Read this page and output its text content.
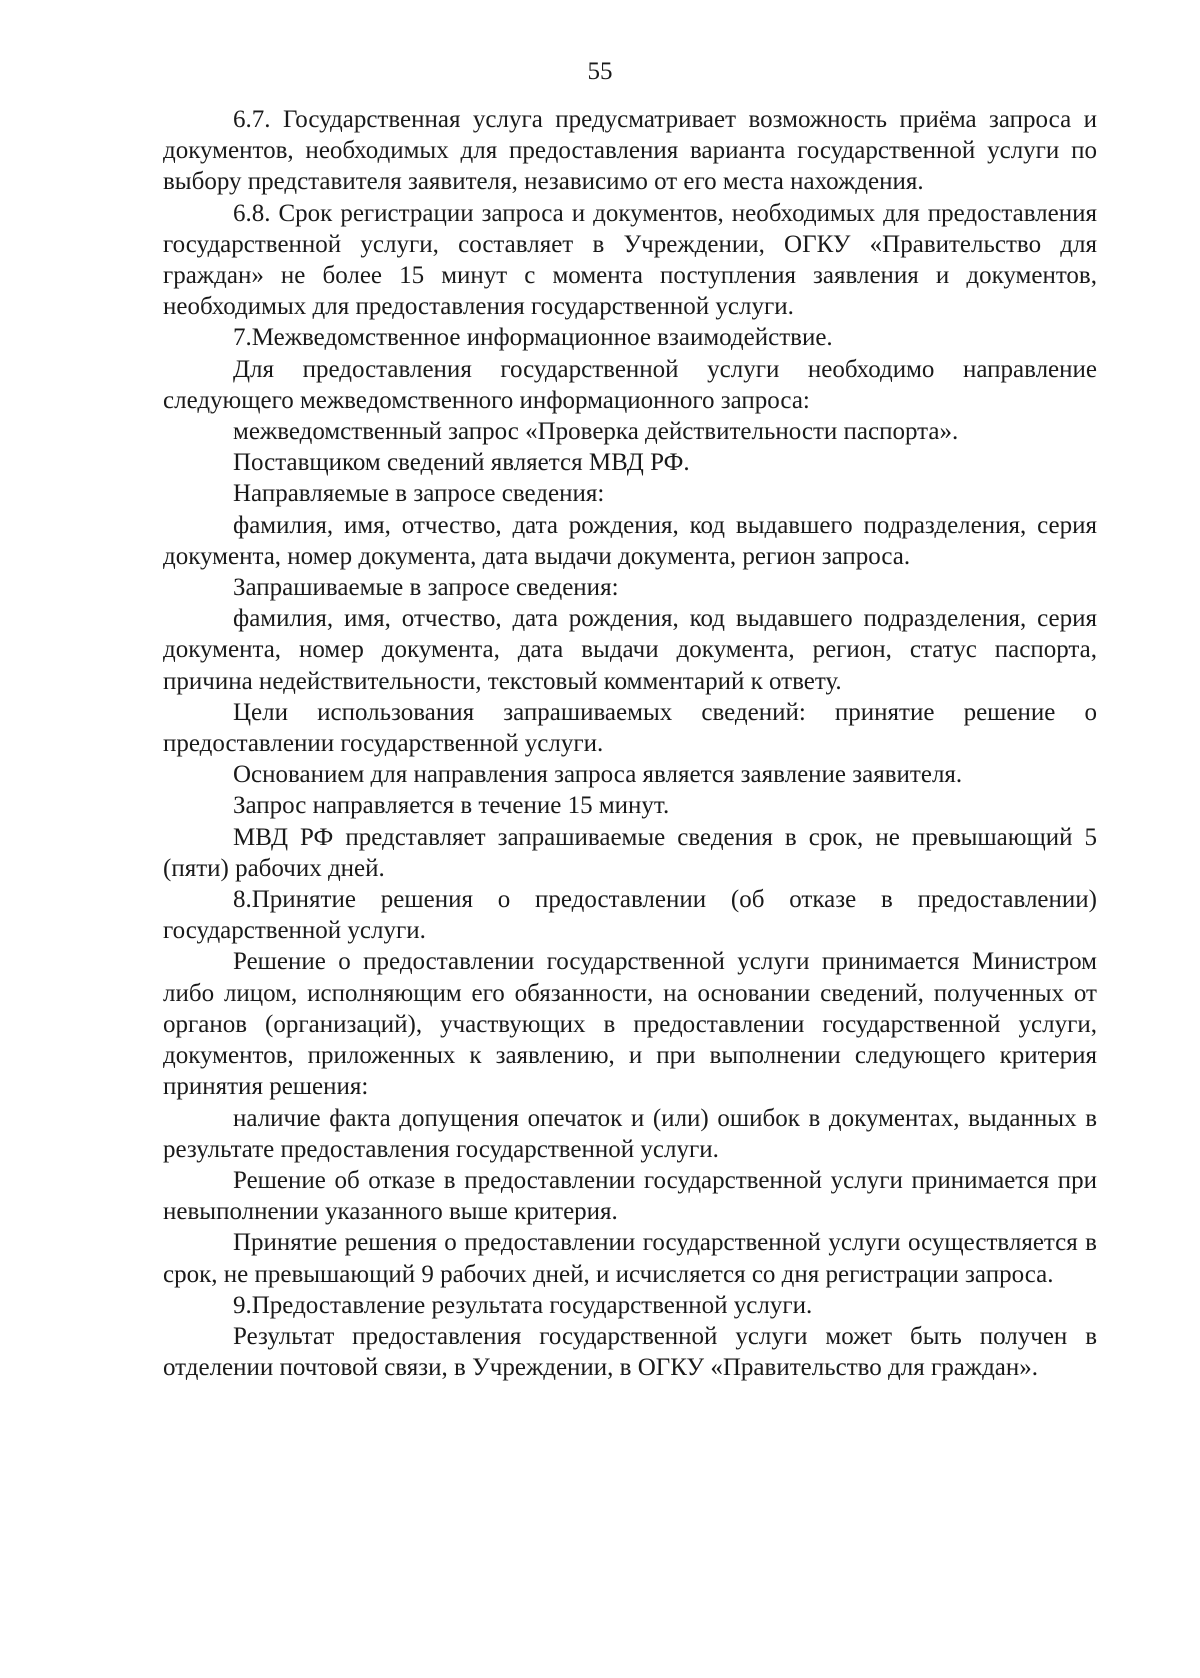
55

6.7. Государственная услуга предусматривает возможность приёма запроса и документов, необходимых для предоставления варианта государственной услуги по выбору представителя заявителя, независимо от его места нахождения.

6.8. Срок регистрации запроса и документов, необходимых для предоставления государственной услуги, составляет в Учреждении, ОГКУ «Правительство для граждан» не более 15 минут с момента поступления заявления и документов, необходимых для предоставления государственной услуги.

7.Межведомственное информационное взаимодействие.

Для предоставления государственной услуги необходимо направление следующего межведомственного информационного запроса:

межведомственный запрос «Проверка действительности паспорта».

Поставщиком сведений является МВД РФ.

Направляемые в запросе сведения:

фамилия, имя, отчество, дата рождения, код выдавшего подразделения, серия документа, номер документа, дата выдачи документа, регион запроса.

Запрашиваемые в запросе сведения:

фамилия, имя, отчество, дата рождения, код выдавшего подразделения, серия документа, номер документа, дата выдачи документа, регион, статус паспорта, причина недействительности, текстовый комментарий к ответу.

Цели использования запрашиваемых сведений: принятие решение о предоставлении государственной услуги.

Основанием для направления запроса является заявление заявителя.

Запрос направляется в течение 15 минут.

МВД РФ представляет запрашиваемые сведения в срок, не превышающий 5 (пяти) рабочих дней.

8.Принятие решения о предоставлении (об отказе в предоставлении) государственной услуги.

Решение о предоставлении государственной услуги принимается Министром либо лицом, исполняющим его обязанности, на основании сведений, полученных от органов (организаций), участвующих в предоставлении государственной услуги, документов, приложенных к заявлению, и при выполнении следующего критерия принятия решения:

наличие факта допущения опечаток и (или) ошибок в документах, выданных в результате предоставления государственной услуги.

Решение об отказе в предоставлении государственной услуги принимается при невыполнении указанного выше критерия.

Принятие решения о предоставлении государственной услуги осуществляется в срок, не превышающий 9 рабочих дней, и исчисляется со дня регистрации запроса.

9.Предоставление результата государственной услуги.

Результат предоставления государственной услуги может быть получен в отделении почтовой связи, в Учреждении, в ОГКУ «Правительство для граждан».
